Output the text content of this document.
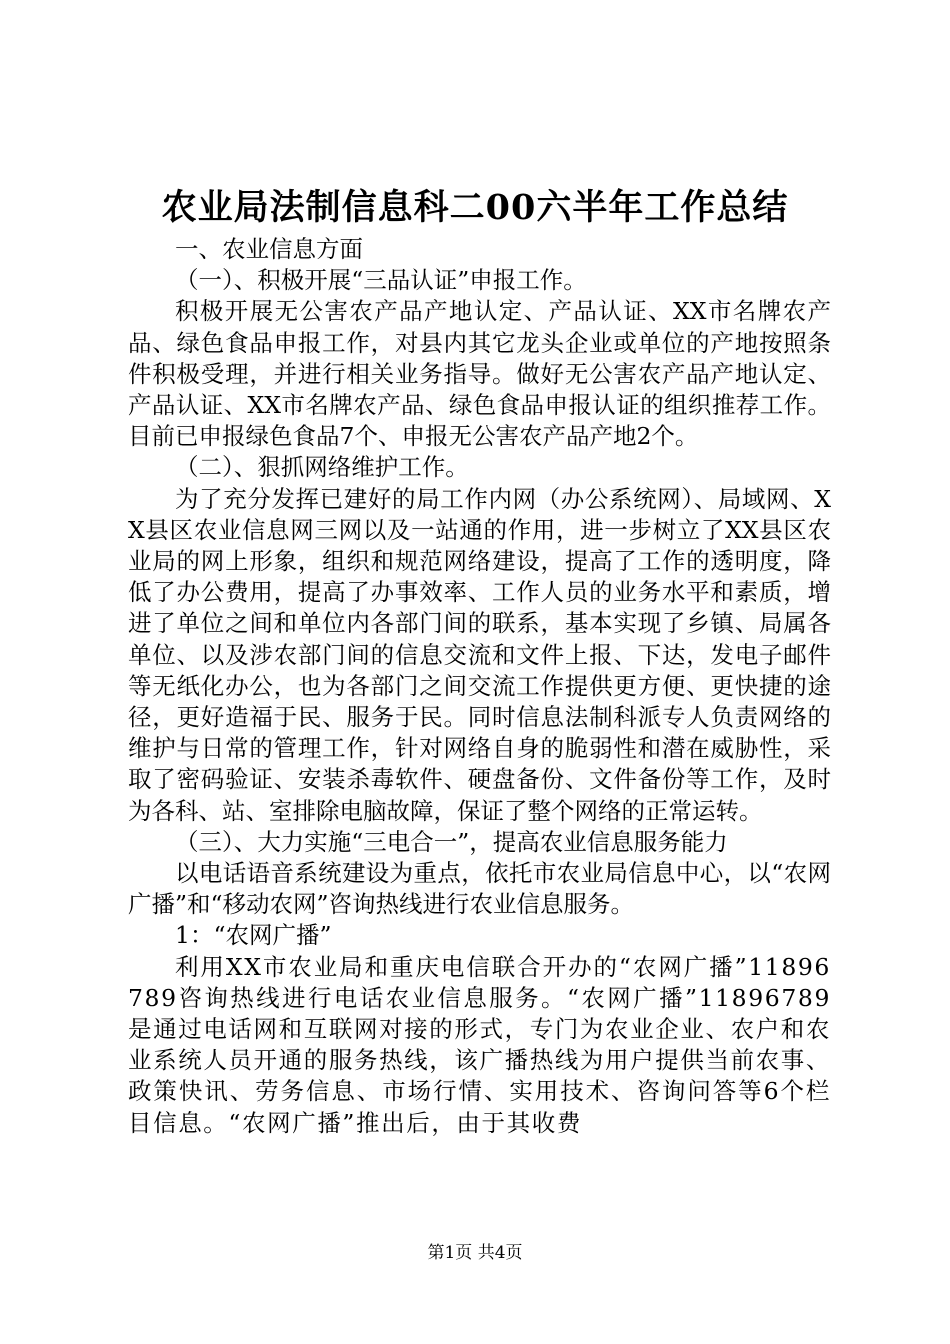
农业局法制信息科二00六半年工作总结
一、农业信息方面
（一）、积极开展“三品认证”申报工作。

积极开展无公害农产品产地认定、产品认证、XX市名牌农产品、绿色食品申报工作，对县内其它龙头企业或单位的产地按照条件积极受理，并进行相关业务指导。做好无公害农产品产地认定、产品认证、XX市名牌农产品、绿色食品申报认证的组织推荐工作。目前已申报绿色食品7个、申报无公害农产品产地2个。

（二）、狠抓网络维护工作。

为了充分发挥已建好的局工作内网（办公系统网）、局域网、XX县区农业信息网三网以及一站通的作用，进一步树立了XX县区农业局的网上形象，组织和规范网络建设，提高了工作的透明度，降低了办公费用，提高了办事效率、工作人员的业务水平和素质，增进了单位之间和单位内各部门间的联系，基本实现了乡镇、局属各单位、以及涉农部门间的信息交流和文件上报、下达，发电子邮件等无纸化办公，也为各部门之间交流工作提供更方便、更快捷的途径，更好造福于民、服务于民。同时信息法制科派专人负责网络的维护与日常的管理工作，针对网络自身的脆弱性和潜在威胁性，采取了密码验证、安装杀毒软件、硬盘备份、文件备份等工作，及时为各科、站、室排除电脑故障，保证了整个网络的正常运转。

（三）、大力实施“三电合一”，提高农业信息服务能力

以电话语音系统建设为重点，依托市农业局信息中心，以“农网广播”和“移动农网”咨询热线进行农业信息服务。

1：“农网广播”

利用XX市农业局和重庆电信联合开办的“农网广播”11896789咨询热线进行电话农业信息服务。“农网广播”11896789是通过电话网和互联网对接的形式，专门为农业企业、农户和农业系统人员开通的服务热线，该广播热线为用户提供当前农事、政策快讯、劳务信息、市场行情、实用技术、咨询问答等6个栏目信息。“农网广播”推出后，由于其收费

第1页 共4页
